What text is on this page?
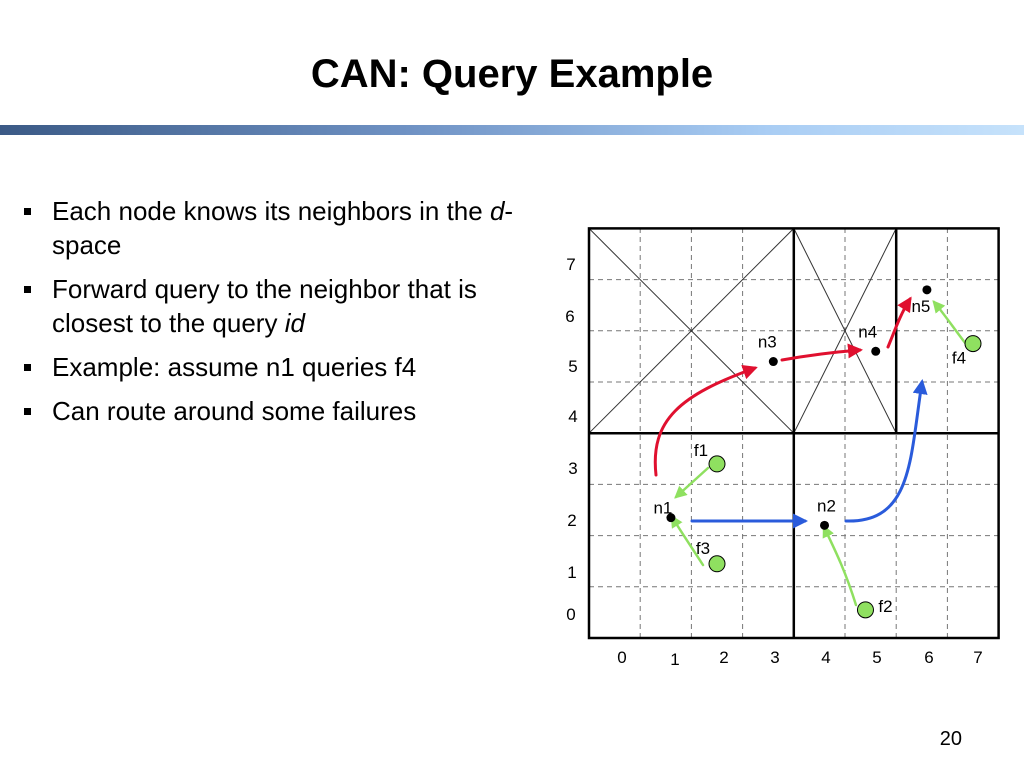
CAN: Query Example
Each node knows its neighbors in the d-space
Forward query to the neighbor that is closest to the query id
Example: assume n1 queries f4
Can route around some failures
0
1
2
3
4
5
6
7
0	1 2 3 4 5	6 7
n1	n2
n3
n4
n5
f1
f2
f3
f4
20
